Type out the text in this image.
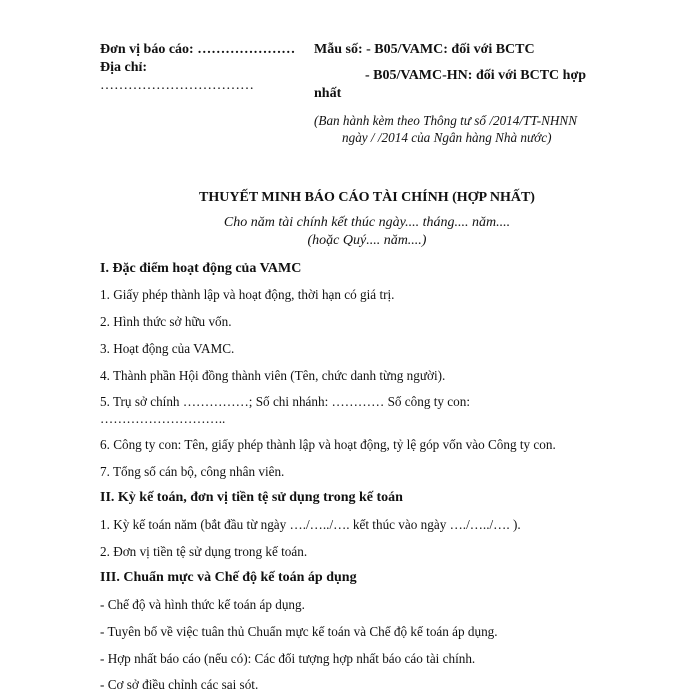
Đơn vị báo cáo: …………………
Địa chỉ:
……………………………
Mẫu số: - B05/VAMC: đối với BCTC
- B05/VAMC-HN: đối với BCTC hợp
nhất
(Ban hành kèm theo Thông tư số /2014/TT-NHNN
ngày / /2014 của Ngân hàng Nhà nước)
THUYẾT MINH BÁO CÁO TÀI CHÍNH (HỢP NHẤT)
Cho năm tài chính kết thúc ngày.... tháng.... năm....
(hoặc Quý.... năm....)
I. Đặc điểm hoạt động của VAMC
1. Giấy phép thành lập và hoạt động, thời hạn có giá trị.
2. Hình thức sở hữu vốn.
3. Hoạt động của VAMC.
4. Thành phần Hội đồng thành viên (Tên, chức danh từng người).
5. Trụ sở chính ……………; Số chi nhánh: ………… Số công ty con:
………………………..
6. Công ty con: Tên, giấy phép thành lập và hoạt động, tỷ lệ góp vốn vào Công ty con.
7. Tổng số cán bộ, công nhân viên.
II. Kỳ kế toán, đơn vị tiền tệ sử dụng trong kế toán
1. Kỳ kế toán năm (bắt đầu từ ngày …./…../…. kết thúc vào ngày …./…../…. ).
2. Đơn vị tiền tệ sử dụng trong kế toán.
III. Chuẩn mực và Chế độ kế toán áp dụng
- Chế độ và hình thức kế toán áp dụng.
- Tuyên bố về việc tuân thủ Chuẩn mực kế toán và Chế độ kế toán áp dụng.
- Hợp nhất báo cáo (nếu có): Các đối tượng hợp nhất báo cáo tài chính.
- Cơ sở điều chỉnh các sai sót.
